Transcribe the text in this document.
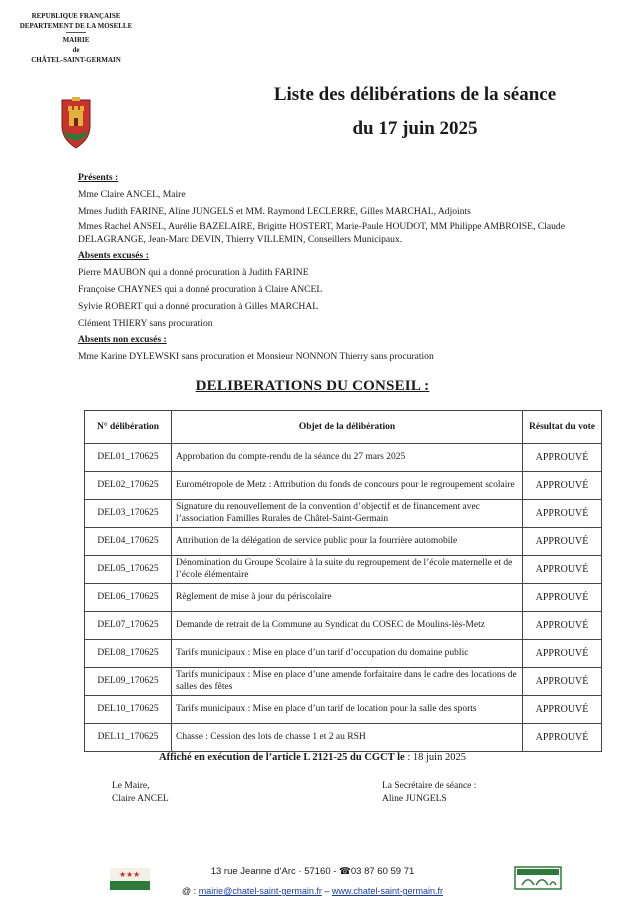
REPUBLIQUE FRANÇAISE
DEPARTEMENT DE LA MOSELLE
MAIRIE
de
CHÂTEL-SAINT-GERMAIN
Liste des délibérations de la séance
du 17 juin 2025

Présents :

Mme Claire ANCEL, Maire

Mmes Judith FARINE, Aline JUNGELS et MM. Raymond LECLERRE, Gilles MARCHAL, Adjoints

Mmes Rachel ANSEL, Aurélie BAZELAIRE, Brigitte HOSTERT, Marie-Paule HOUDOT, MM Philippe AMBROISE, Claude DELAGRANGE, Jean-Marc DEVIN, Thierry VILLEMIN, Conseillers Municipaux.

Absents excusés :

Pierre MAUBON qui a donné procuration à Judith FARINE

Françoise CHAYNES qui a donné procuration à Claire ANCEL

Sylvie ROBERT qui a donné procuration à Gilles MARCHAL

Clément THIERY sans procuration

Absents non excusés :

Mme Karine DYLEWSKI sans procuration et Monsieur NONNON Thierry sans procuration

DELIBERATIONS DU CONSEIL :
N° délibération	Objet de la délibération	Résultat du vote
DEL01_170625	Approbation du compte-rendu de la séance du 27 mars 2025	APPROUVÉ
DEL02_170625	Eurométropole de Metz : Attribution du fonds de concours pour le regroupement scolaire	APPROUVÉ
DEL03_170625	Signature du renouvellement de la convention d’objectif et de financement avec l’association Familles Rurales de Châtel-Saint-Germain	APPROUVÉ
DEL04_170625	Attribution de la délégation de service public pour la fourrière automobile	APPROUVÉ
DEL05_170625	Dénomination du Groupe Scolaire à la suite du regroupement de l’école maternelle et de l’école élémentaire	APPROUVÉ
DEL06_170625	Règlement de mise à jour du périscolaire	APPROUVÉ
DEL07_170625	Demande de retrait de la Commune au Syndicat du COSEC de Moulins-lès-Metz	APPROUVÉ
DEL08_170625	Tarifs municipaux : Mise en place d’un tarif d’occupation du domaine public	APPROUVÉ
DEL09_170625	Tarifs municipaux : Mise en place d’une amende forfaitaire dans le cadre des locations de salles des fêtes	APPROUVÉ
DEL10_170625	Tarifs municipaux : Mise en place d’un tarif de location pour la salle des sports	APPROUVÉ
DEL11_170625	Chasse : Cession des lots de chasse 1 et 2 au RSH	APPROUVÉ
Affiché en exécution de l’article L 2121-25 du CGCT le : 18 juin 2025
Le Maire,
Claire ANCEL
La Secrétaire de séance :
Aline JUNGELS
★ ★ ★	13 rue Jeanne d’Arc · 57160 - ☎03 87 60 59 71
@ : mairie@chatel-saint-germain.fr – www.chatel-saint-germain.fr
